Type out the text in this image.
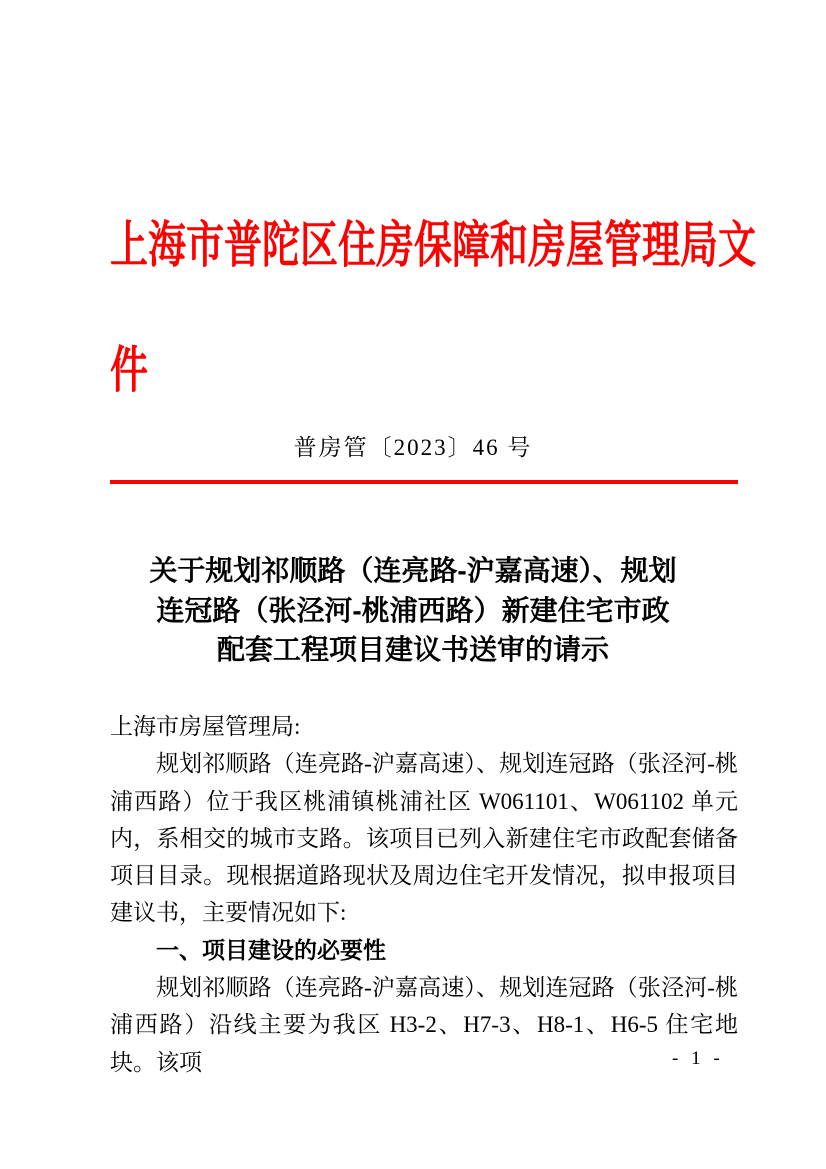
上海市普陀区住房保障和房屋管理局文
件
普房管〔2023〕46 号
关于规划祁顺路（连亮路-沪嘉高速）、规划
连冠路（张泾河-桃浦西路）新建住宅市政
配套工程项目建议书送审的请示

上海市房屋管理局:

规划祁顺路（连亮路-沪嘉高速）、规划连冠路（张泾河-桃浦西路）位于我区桃浦镇桃浦社区 W061101、W061102 单元内，系相交的城市支路。该项目已列入新建住宅市政配套储备项目目录。现根据道路现状及周边住宅开发情况，拟申报项目建议书，主要情况如下:

一、项目建设的必要性

规划祁顺路（连亮路-沪嘉高速）、规划连冠路（张泾河-桃浦西路）沿线主要为我区 H3-2、H7-3、H8-1、H6-5 住宅地块。该项	- 1 -
